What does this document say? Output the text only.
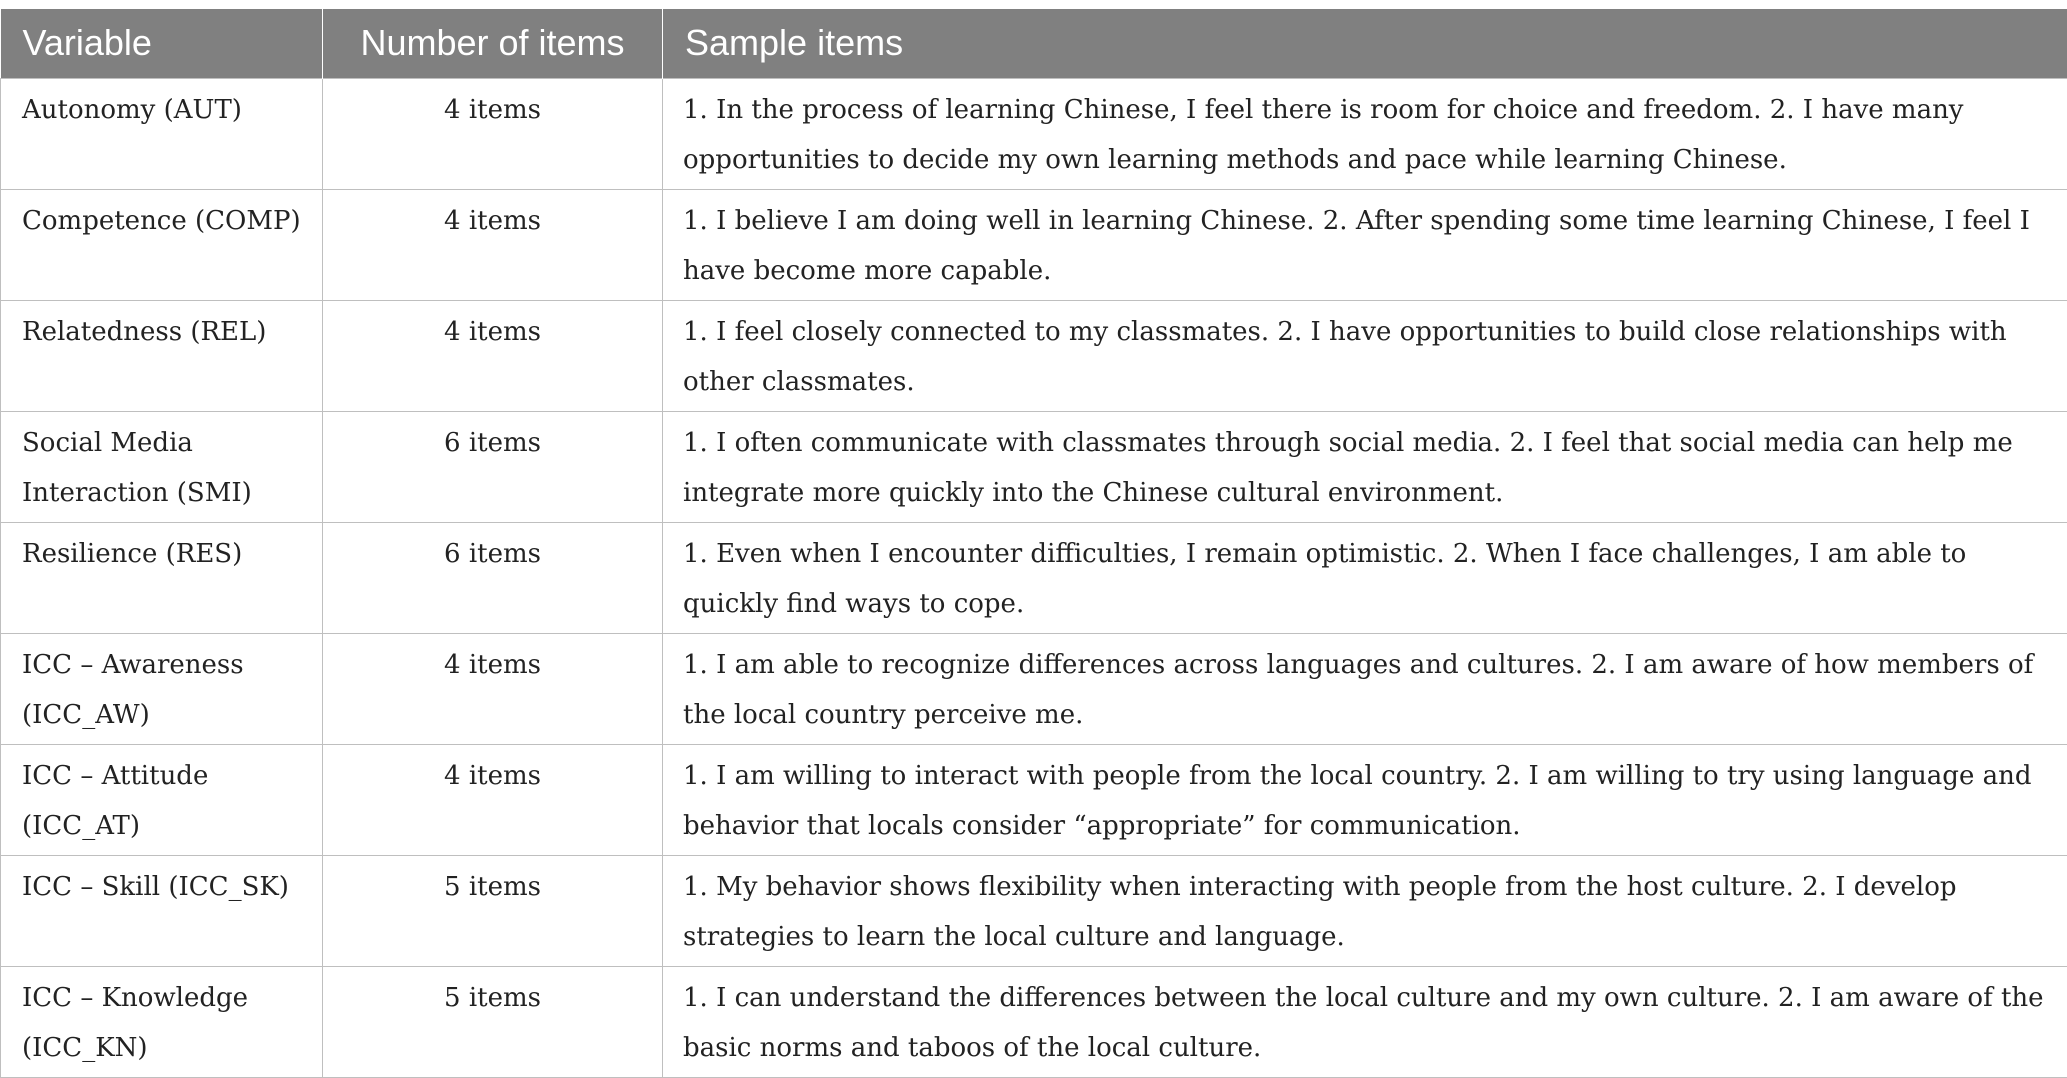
Variable	Number of items	Sample items
Autonomy (AUT)	4 items	1. In the process of learning Chinese, I feel there is room for choice and freedom. 2. I have many opportunities to decide my own learning methods and pace while learning Chinese.
Competence (COMP)	4 items	1. I believe I am doing well in learning Chinese. 2. After spending some time learning Chinese, I feel I have become more capable.
Relatedness (REL)	4 items	1. I feel closely connected to my classmates. 2. I have opportunities to build close relationships with other classmates.
Social Media Interaction (SMI)	6 items	1. I often communicate with classmates through social media. 2. I feel that social media can help me integrate more quickly into the Chinese cultural environment.
Resilience (RES)	6 items	1. Even when I encounter difficulties, I remain optimistic. 2. When I face challenges, I am able to quickly find ways to cope.
ICC – Awareness (ICC_AW)	4 items	1. I am able to recognize differences across languages and cultures. 2. I am aware of how members of the local country perceive me.
ICC – Attitude (ICC_AT)	4 items	1. I am willing to interact with people from the local country. 2. I am willing to try using language and behavior that locals consider “appropriate” for communication.
ICC – Skill (ICC_SK)	5 items	1. My behavior shows flexibility when interacting with people from the host culture. 2. I develop strategies to learn the local culture and language.
ICC – Knowledge (ICC_KN)	5 items	1. I can understand the differences between the local culture and my own culture. 2. I am aware of the basic norms and taboos of the local culture.
